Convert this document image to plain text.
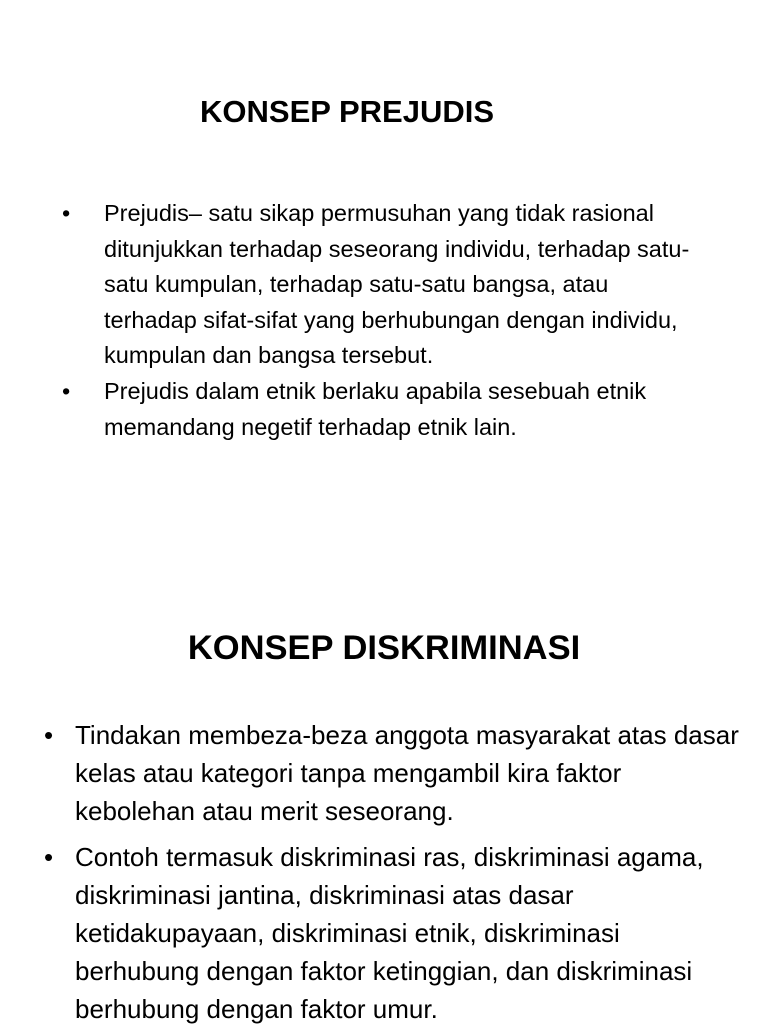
KONSEP PREJUDIS
• Prejudis– satu sikap permusuhan yang tidak rasional ditunjukkan terhadap seseorang individu, terhadap satu-satu kumpulan, terhadap satu-satu bangsa, atau terhadap sifat-sifat yang berhubungan dengan individu, kumpulan dan bangsa tersebut.
• Prejudis dalam etnik berlaku apabila sesebuah etnik memandang negetif terhadap etnik lain.
KONSEP DISKRIMINASI
• Tindakan membeza-beza anggota masyarakat atas dasar kelas atau kategori tanpa mengambil kira faktor kebolehan atau merit seseorang.
• Contoh termasuk diskriminasi ras, diskriminasi agama, diskriminasi jantina, diskriminasi atas dasar ketidakupayaan, diskriminasi etnik, diskriminasi berhubung dengan faktor ketinggian, dan diskriminasi berhubung dengan faktor umur.
